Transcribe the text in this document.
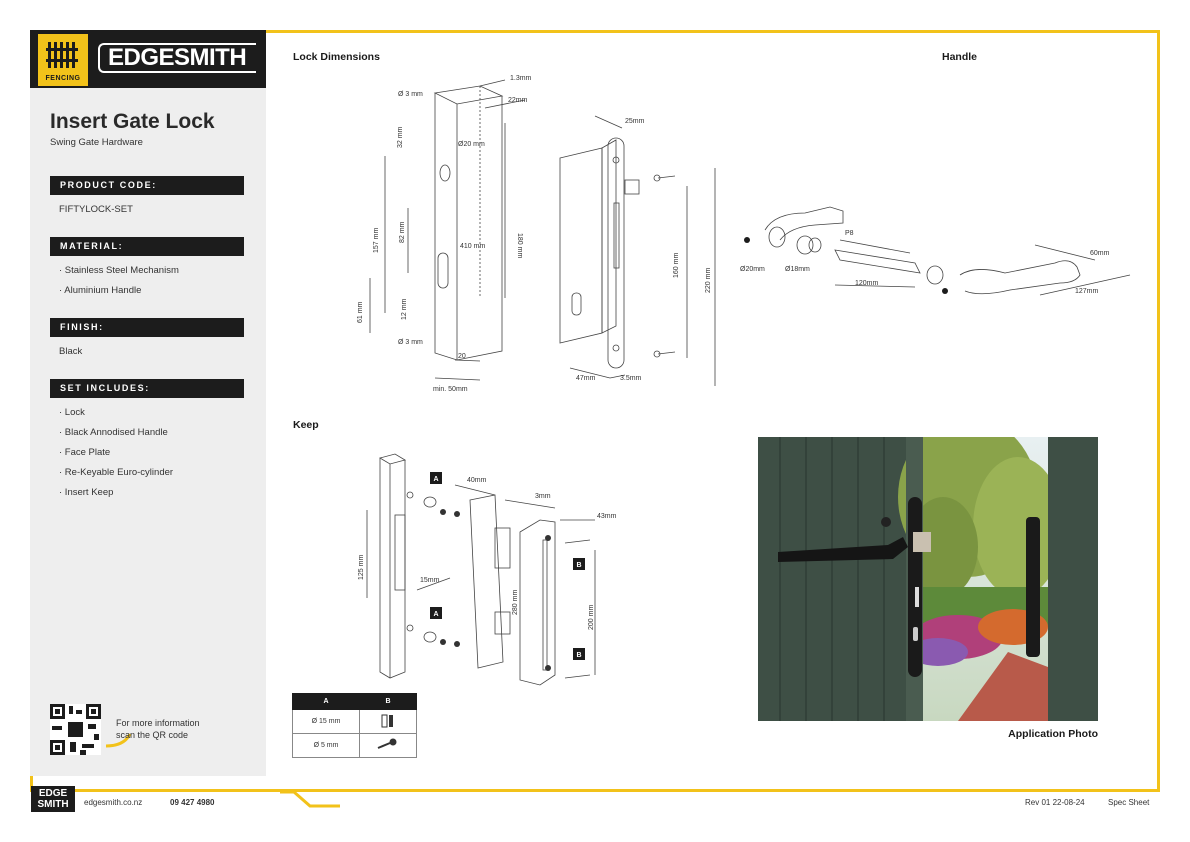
FENCING
EDGESMITH
Insert Gate Lock
Swing Gate Hardware
PRODUCT CODE:
FIFTYLOCK-SET
MATERIAL:
· Stainless Steel Mechanism
· Aluminium Handle
FINISH:
Black
SET INCLUDES:
· Lock
· Black Annodised Handle
· Face Plate
· Re-Keyable Euro-cylinder
· Insert Keep
For more information
scan the QR code
Lock Dimensions	Handle
Keep
Ø 3 mm
1.3mm
22mm
32 mm	Ø20 mm
157 mm	82 mm
410 mm	180 mm
25mm
61 mm	12 mm
Ø 3 mm
20
min. 50mm
160 mm
220 mm
47mm	3.5mm
Ø20mm	Ø18mm
P8
120mm
60mm
127mm
A
A
B
B
40mm
3mm
43mm
125 mm
15mm
280 mm
200 mm
A	B
Ø 15 mm	
Ø 5 mm	
Application Photo
EDGE SMITH	edgesmith.co.nz	09 427 4980	Rev 01 22-08-24	Spec Sheet
